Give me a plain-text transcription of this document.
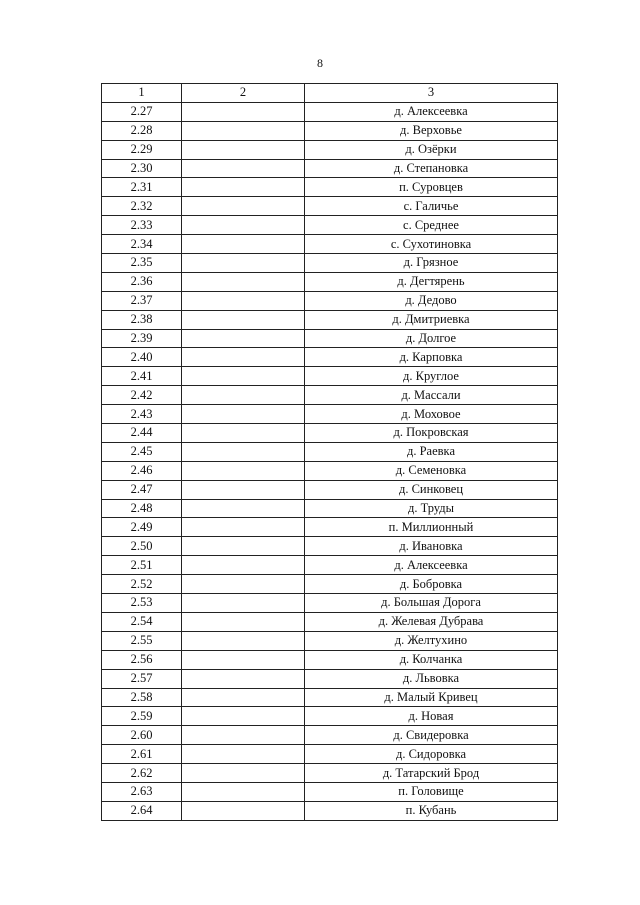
8
1	2	3
2.27		д. Алексеевка
2.28		д. Верховье
2.29		д. Озёрки
2.30		д. Степановка
2.31		п. Суровцев
2.32		с. Галичье
2.33		с. Среднее
2.34		с. Сухотиновка
2.35		д. Грязное
2.36		д. Дегтярень
2.37		д. Дедово
2.38		д. Дмитриевка
2.39		д. Долгое
2.40		д. Карповка
2.41		д. Круглое
2.42		д. Массали
2.43		д. Моховое
2.44		д. Покровская
2.45		д. Раевка
2.46		д. Семеновка
2.47		д. Синковец
2.48		д. Труды
2.49		п. Миллионный
2.50		д. Ивановка
2.51		д. Алексеевка
2.52		д. Бобровка
2.53		д. Большая Дорога
2.54		д. Желевая Дубрава
2.55		д. Желтухино
2.56		д. Колчанка
2.57		д. Львовка
2.58		д. Малый Кривец
2.59		д. Новая
2.60		д. Свидеровка
2.61		д. Сидоровка
2.62		д. Татарский Брод
2.63		п. Головище
2.64		п. Кубань
